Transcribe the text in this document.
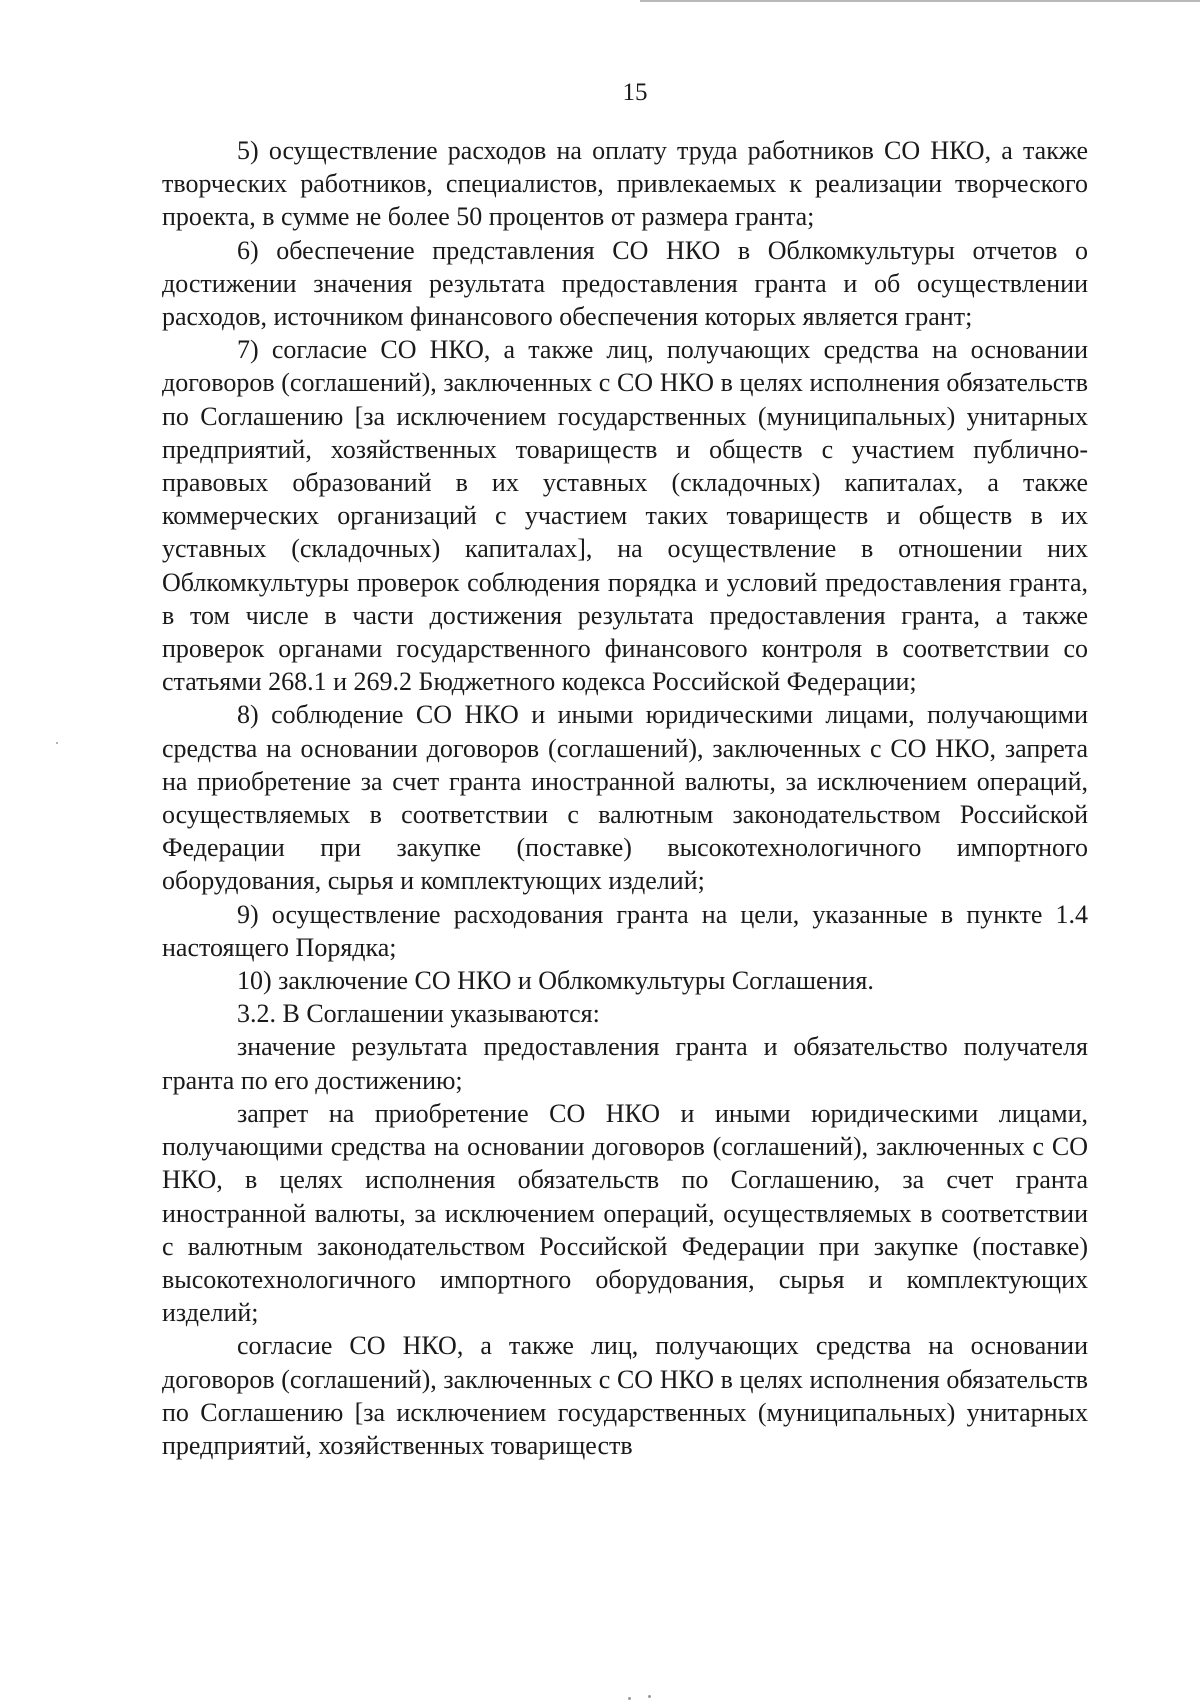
15

5) осуществление расходов на оплату труда работников СО НКО, а также творческих работников, специалистов, привлекаемых к реализации творческого проекта, в сумме не более 50 процентов от размера гранта;

6) обеспечение представления СО НКО в Облкомкультуры отчетов о достижении значения результата предоставления гранта и об осуществлении расходов, источником финансового обеспечения которых является грант;

7) согласие СО НКО, а также лиц, получающих средства на основании договоров (соглашений), заключенных с СО НКО в целях исполнения обязательств по Соглашению [за исключением государственных (муниципальных) унитарных предприятий, хозяйственных товариществ и обществ с участием публично-правовых образований в их уставных (складочных) капиталах, а также коммерческих организаций с участием таких товариществ и обществ в их уставных (складочных) капиталах], на осуществление в отношении них Облкомкультуры проверок соблюдения порядка и условий предоставления гранта, в том числе в части достижения результата предоставления гранта, а также проверок органами государственного финансового контроля в соответствии со статьями 268.1 и 269.2 Бюджетного кодекса Российской Федерации;

8) соблюдение СО НКО и иными юридическими лицами, получающими средства на основании договоров (соглашений), заключенных с СО НКО, запрета на приобретение за счет гранта иностранной валюты, за исключением операций, осуществляемых в соответствии с валютным законодательством Российской Федерации при закупке (поставке) высокотехнологичного импортного оборудования, сырья и комплектующих изделий;

9) осуществление расходования гранта на цели, указанные в пункте 1.4 настоящего Порядка;

10) заключение СО НКО и Облкомкультуры Соглашения.

3.2. В Соглашении указываются:

значение результата предоставления гранта и обязательство получателя гранта по его достижению;

запрет на приобретение СО НКО и иными юридическими лицами, получающими средства на основании договоров (соглашений), заключенных с СО НКО, в целях исполнения обязательств по Соглашению, за счет гранта иностранной валюты, за исключением операций, осуществляемых в соответствии с валютным законодательством Российской Федерации при закупке (поставке) высокотехнологичного импортного оборудования, сырья и комплектующих изделий;

согласие СО НКО, а также лиц, получающих средства на основании договоров (соглашений), заключенных с СО НКО в целях исполнения обязательств по Соглашению [за исключением государственных (муниципальных) унитарных предприятий, хозяйственных товариществ
